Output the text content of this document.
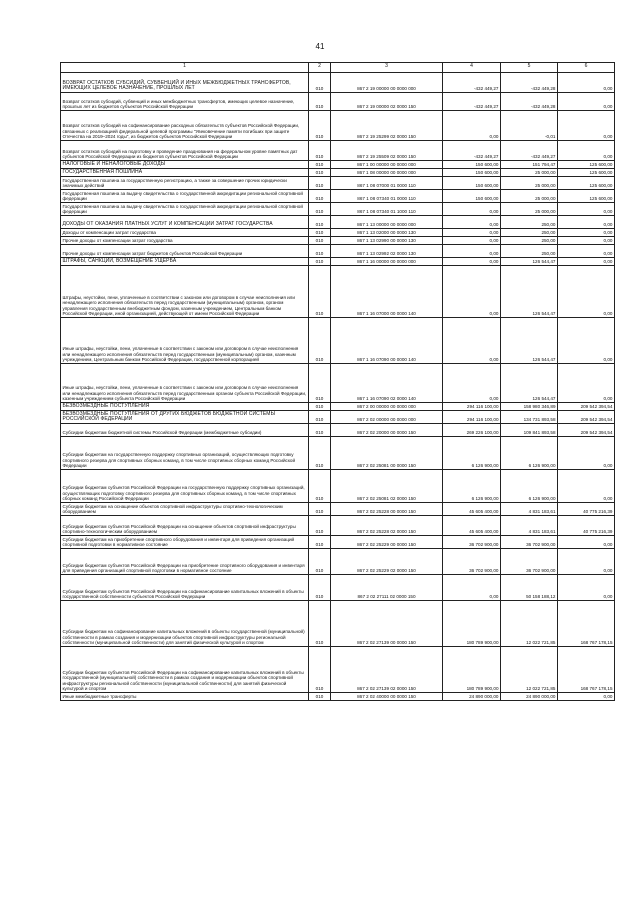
41
1	2	3	4	5	6
ВОЗВРАТ ОСТАТКОВ СУБСИДИЙ, СУБВЕНЦИЙ И ИНЫХ МЕЖБЮДЖЕТНЫХ ТРАНСФЕРТОВ, ИМЕЮЩИХ ЦЕЛЕВОЕ НАЗНАЧЕНИЕ, ПРОШЛЫХ ЛЕТ	010	867 2 19 00000 00 0000 000	-432 449,27	-432 449,28	0,00
Возврат остатков субсидий, субвенций и иных межбюджетных трансфертов, имеющих целевое назначение, прошлых лет из бюджетов субъектов Российской Федерации	010	867 2 19 00000 02 0000 150	-432 449,27	-432 449,28	0,00
Возврат остатков субсидий на софинансирование расходных обязательств субъектов Российской Федерации, связанных с реализацией федеральной целевой программы "Увековечение памяти погибших при защите Отечества на 2019–2024 годы", из бюджетов субъектов Российской Федерации	010	867 2 19 25299 02 0000 150	0,00	-0,01	0,00
Возврат остатков субсидий на подготовку и проведение празднования на федеральном уровне памятных дат субъектов Российской Федерации из бюджетов субъектов Российской Федерации	010	867 2 19 25509 02 0000 150	-432 449,27	-432 449,27	0,00
НАЛОГОВЫЕ И НЕНАЛОГОВЫЕ ДОХОДЫ	010	867 1 00 00000 00 0000 000	150 600,00	151 794,47	125 600,00
ГОСУДАРСТВЕННАЯ ПОШЛИНА	010	867 1 08 00000 00 0000 000	150 600,00	25 000,00	125 600,00
Государственная пошлина за государственную регистрацию, а также за совершение прочих юридически значимых действий	010	867 1 08 07000 01 0000 110	150 600,00	25 000,00	125 600,00
Государственная пошлина за выдачу свидетельства о государственной аккредитации региональной спортивной федерации	010	867 1 08 07340 01 0000 110	150 600,00	25 000,00	125 600,00
Государственная пошлина за выдачу свидетельства о государственной аккредитации региональной спортивной федерации	010	867 1 08 07340 01 1000 110	0,00	25 000,00	0,00
ДОХОДЫ ОТ ОКАЗАНИЯ ПЛАТНЫХ УСЛУГ И КОМПЕНСАЦИИ ЗАТРАТ ГОСУДАРСТВА	010	867 1 13 00000 00 0000 000	0,00	250,00	0,00
Доходы от компенсации затрат государства	010	867 1 13 02000 00 0000 130	0,00	250,00	0,00
Прочие доходы от компенсации затрат государства	010	867 1 13 02990 00 0000 130	0,00	250,00	0,00
Прочие доходы от компенсации затрат бюджетов субъектов Российской Федерации	010	867 1 13 02992 02 0000 130	0,00	250,00	0,00
ШТРАФЫ, САНКЦИИ, ВОЗМЕЩЕНИЕ УЩЕРБА	010	867 1 16 00000 00 0000 000	0,00	126 544,47	0,00
Штрафы, неустойки, пени, уплаченные в соответствии с законом или договором в случае неисполнения или ненадлежащего исполнения обязательств перед государственным (муниципальным) органом, органом управления государственным внебюджетным фондом, казенным учреждением, Центральным банком Российской Федерации, иной организацией, действующей от имени Российской Федерации	010	867 1 16 07000 00 0000 140	0,00	126 544,47	0,00
Иные штрафы, неустойки, пени, уплаченные в соответствии с законом или договором в случае неисполнения или ненадлежащего исполнения обязательств перед государственным (муниципальным) органом, казенным учреждением, Центральным банком Российской Федерации, государственной корпорацией	010	867 1 16 07090 00 0000 140	0,00	126 544,47	0,00
Иные штрафы, неустойки, пени, уплаченные в соответствии с законом или договором в случае неисполнения или ненадлежащего исполнения обязательств перед государственным органом субъекта Российской Федерации, казенным учреждением субъекта Российской Федерации	010	867 1 16 07090 02 0000 140	0,00	126 544,47	0,00
БЕЗВОЗМЕЗДНЫЕ ПОСТУПЛЕНИЯ	010	867 2 00 00000 00 0000 000	294 116 100,00	158 980 346,89	209 542 394,54
БЕЗВОЗМЕЗДНЫЕ ПОСТУПЛЕНИЯ ОТ ДРУГИХ БЮДЖЕТОВ БЮДЖЕТНОЙ СИСТЕМЫ РОССИЙСКОЙ ФЕДЕРАЦИИ	010	867 2 02 00000 00 0000 000	294 116 100,00	134 731 893,58	209 542 394,54
Субсидии бюджетам бюджетной системы Российской Федерации (межбюджетные субсидии)	010	867 2 02 20000 00 0000 150	269 226 100,00	109 841 893,58	209 542 394,54
Субсидии бюджетам на государственную поддержку спортивных организаций, осуществляющих подготовку спортивного резерва для спортивных сборных команд, в том числе спортивных сборных команд Российской Федерации	010	867 2 02 25081 00 0000 150	6 126 900,00	6 126 900,00	0,00
Субсидии бюджетам субъектов Российской Федерации на государственную поддержку спортивных организаций, осуществляющих подготовку спортивного резерва для спортивных сборных команд, в том числе спортивных сборных команд Российской Федерации	010	867 2 02 25081 02 0000 150	6 126 900,00	6 126 900,00	0,00
Субсидии бюджетам на оснащение объектов спортивной инфраструктуры спортивно-технологическим оборудованием	010	867 2 02 25228 00 0000 150	45 605 400,00	4 831 183,61	40 775 216,39
Субсидии бюджетам субъектов Российской Федерации на оснащение объектов спортивной инфраструктуры спортивно-технологическим оборудованием	010	867 2 02 25228 02 0000 150	45 605 400,00	4 831 183,61	40 775 216,39
Субсидии бюджетам на приобретение спортивного оборудования и инвентаря для приведения организаций спортивной подготовки в нормативное состояние	010	867 2 02 25229 00 0000 150	36 702 900,00	36 702 900,00	0,00
Субсидии бюджетам субъектов Российской Федерации на приобретение спортивного оборудования и инвентаря для приведения организаций спортивной подготовки в нормативное состояние	010	867 2 02 25229 02 0000 150	36 702 900,00	36 702 900,00	0,00
Субсидии бюджетам субъектов Российской Федерации на софинансирование капитальных вложений в объекты государственной собственности субъектов Российской Федерации	010	867 2 02 27111 02 0000 150	0,00	50 158 188,12	0,00
Субсидии бюджетам на софинансирование капитальных вложений в объекты государственной (муниципальной) собственности в рамках создания и модернизации объектов спортивной инфраструктуры региональной собственности (муниципальной собственности) для занятий физической культурой и спортом	010	867 2 02 27139 00 0000 150	180 789 900,00	12 022 721,85	168 767 178,15
Субсидии бюджетам субъектов Российской Федерации на софинансирование капитальных вложений в объекты государственной (муниципальной) собственности в рамках создания и модернизации объектов спортивной инфраструктуры региональной собственности (муниципальной собственности) для занятий физической культурой и спортом	010	867 2 02 27139 02 0000 150	180 789 900,00	12 022 721,85	168 767 178,15
Иные межбюджетные трансферты	010	867 2 02 40000 00 0000 150	24 890 000,00	24 890 000,00	0,00
